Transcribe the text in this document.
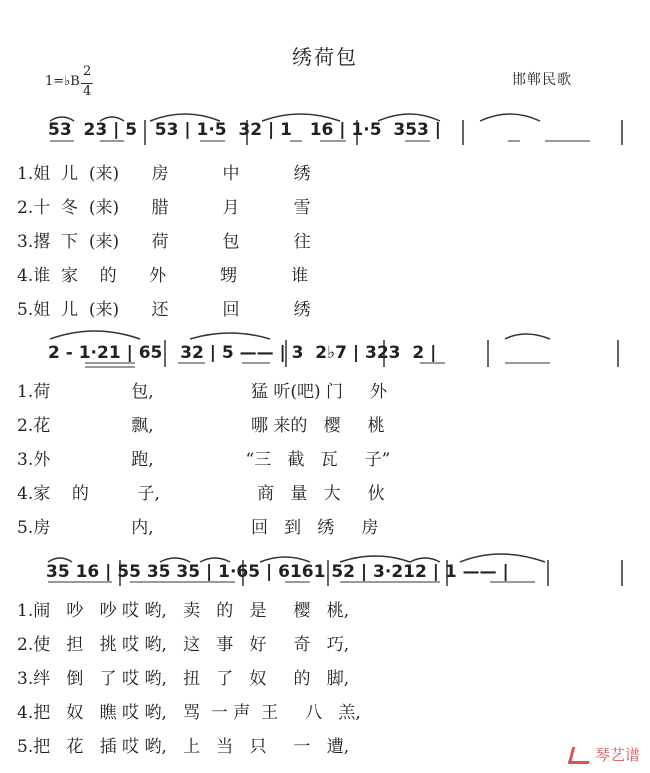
绣荷包
邯郸民歌
1=♭B
2
4
53  23 | 5   53 | 1·5  32 | 1   16 | 1·5  353 |
1.姐  儿  (来)      房          中          绣
2.十  冬  (来)      腊          月          雪
3.撂  下  (来)      荷          包          往
4.谁  家    的      外          甥          谁
5.姐  儿  (来)      还          回          绣
2 - 1·21 | 65   32 | 5 —— | 3  2♭7 | 323  2 |
1.荷               包,                  猛 听(吧) 门     外
2.花               飘,                  哪 来的   樱     桃
3.外               跑,                 “三   截   瓦     子”
4.家    的         子,                  商   量   大     伙
5.房               内,                  回   到   绣     房
35 16 | 55 35 35 | 1·65 | 6161 52 | 3·212 | 1 —— |
1.闹   吵   吵 哎 哟,   卖   的   是     樱   桃,
2.使   担   挑 哎 哟,   这   事   好     奇   巧,
3.绊   倒   了 哎 哟,   扭   了   奴     的   脚,
4.把   奴   瞧 哎 哟,   骂  一 声  王     八   羔,
5.把   花   插 哎 哟,   上   当   只     一   遭,	琴艺谱
